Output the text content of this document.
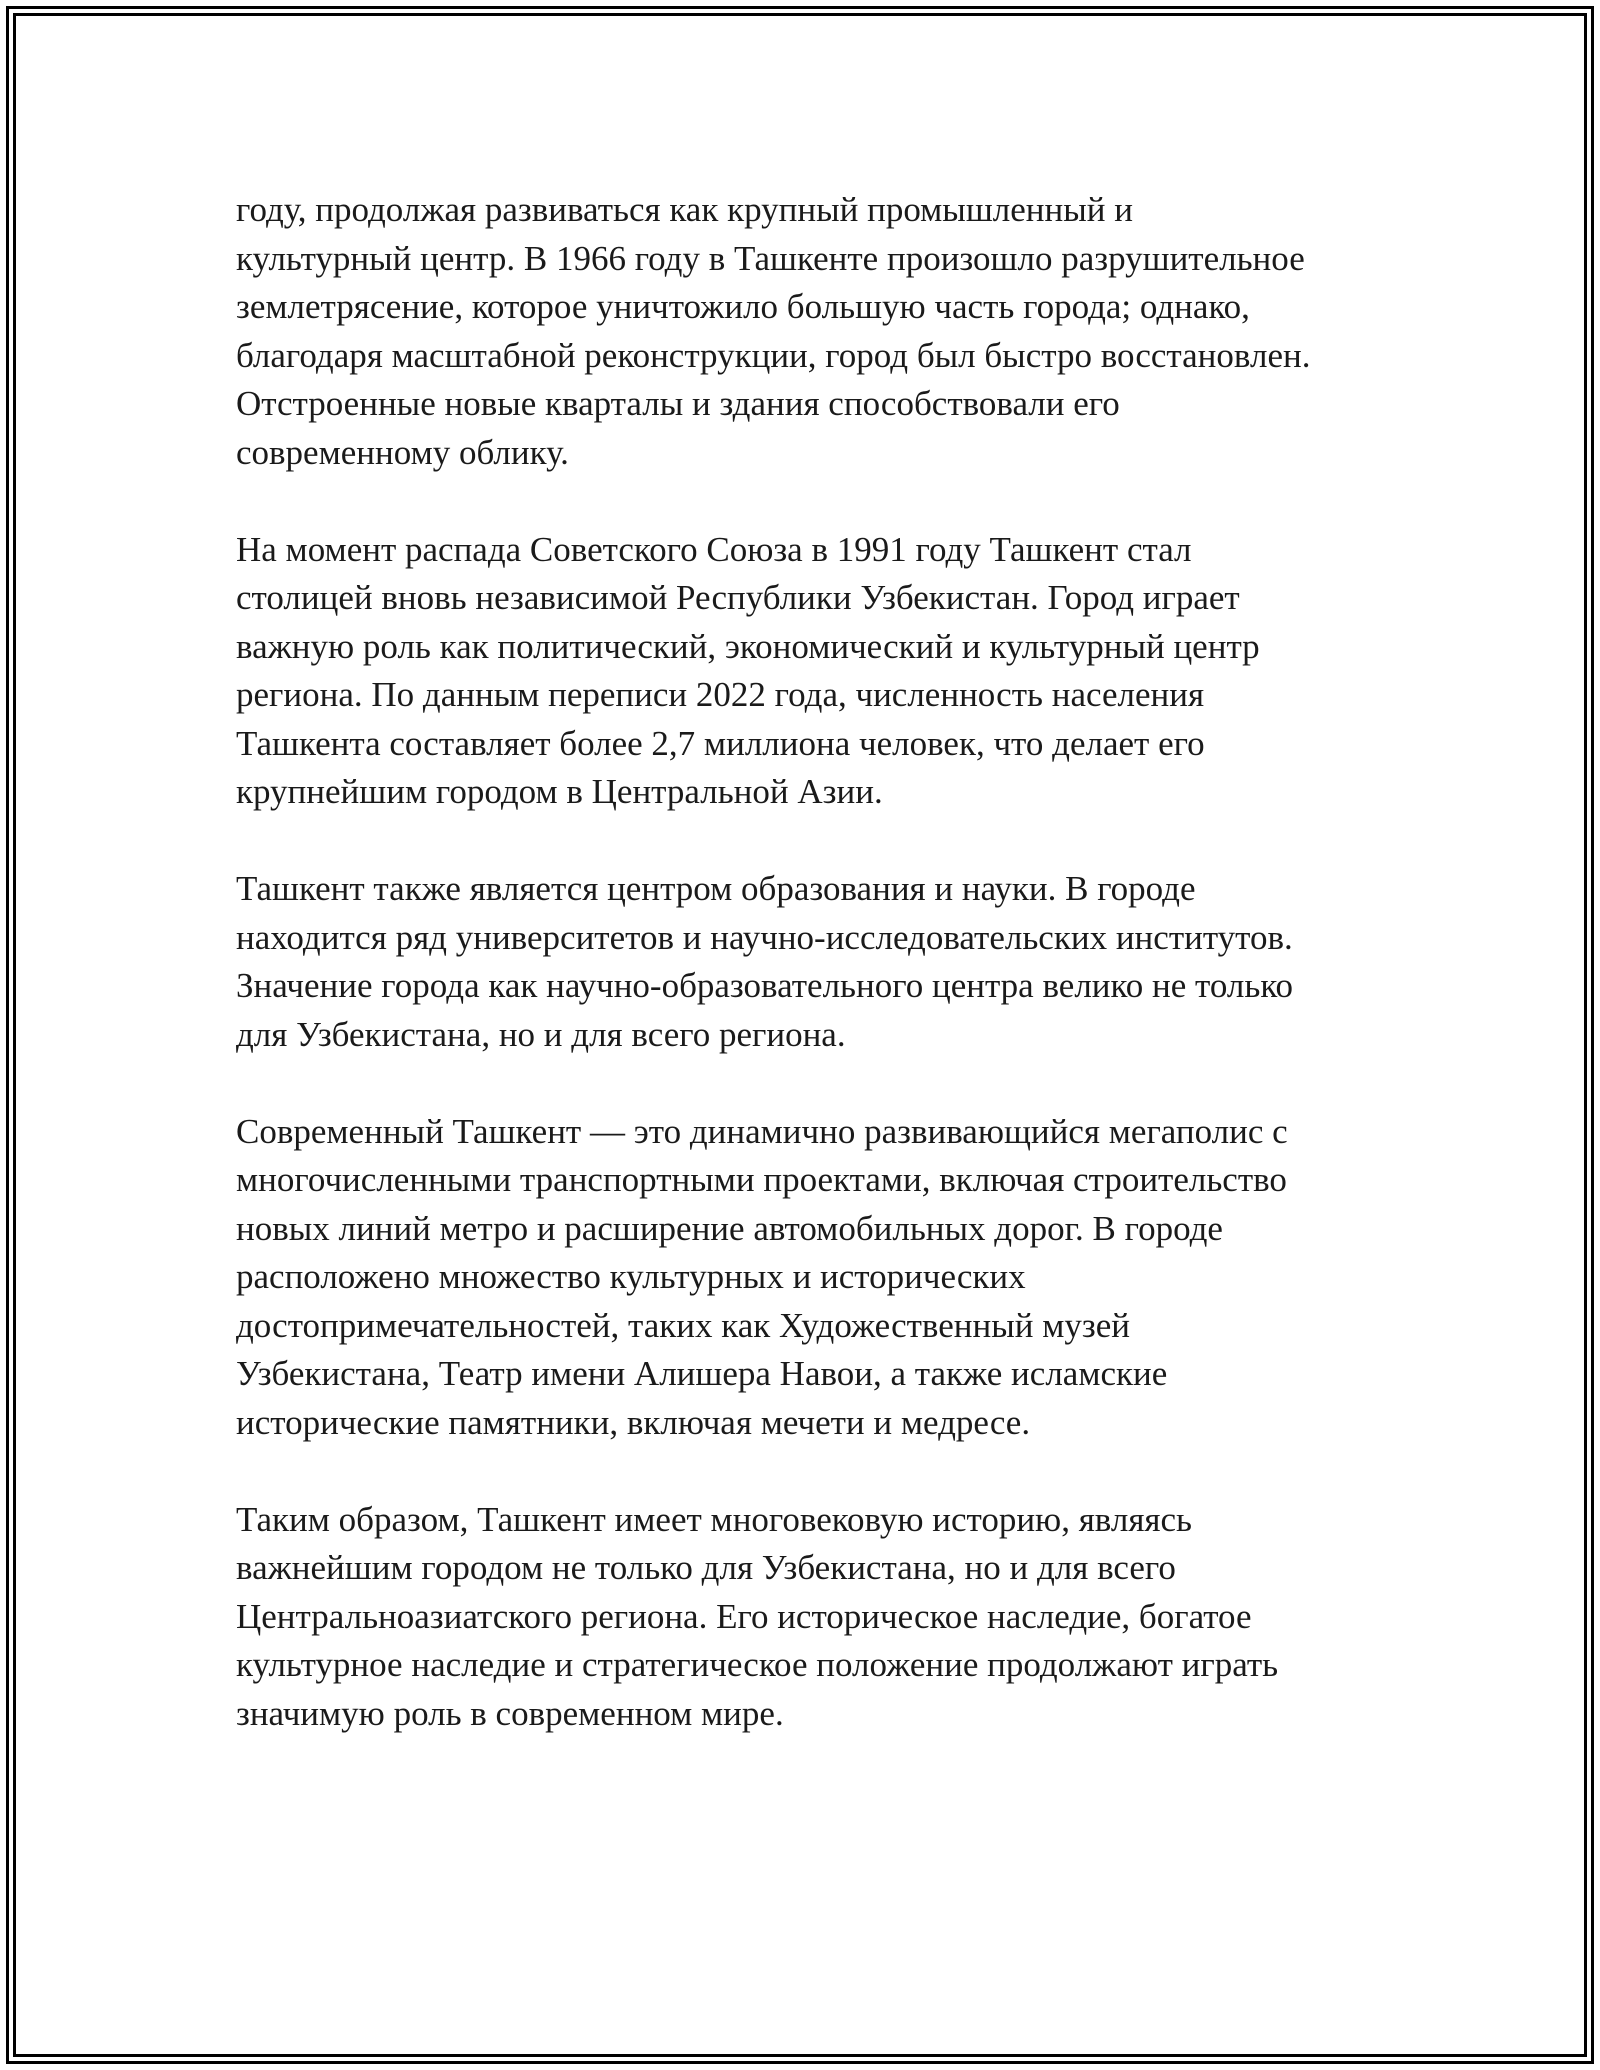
году, продолжая развиваться как крупный промышленный и
культурный центр. В 1966 году в Ташкенте произошло разрушительное
землетрясение, которое уничтожило большую часть города; однако,
благодаря масштабной реконструкции, город был быстро восстановлен.
Отстроенные новые кварталы и здания способствовали его
современному облику.

На момент распада Советского Союза в 1991 году Ташкент стал
столицей вновь независимой Республики Узбекистан. Город играет
важную роль как политический, экономический и культурный центр
региона. По данным переписи 2022 года, численность населения
Ташкента составляет более 2,7 миллиона человек, что делает его
крупнейшим городом в Центральной Азии.

Ташкент также является центром образования и науки. В городе
находится ряд университетов и научно-исследовательских институтов.
Значение города как научно-образовательного центра велико не только
для Узбекистана, но и для всего региона.

Современный Ташкент — это динамично развивающийся мегаполис с
многочисленными транспортными проектами, включая строительство
новых линий метро и расширение автомобильных дорог. В городе
расположено множество культурных и исторических
достопримечательностей, таких как Художественный музей
Узбекистана, Театр имени Алишера Навои, а также исламские
исторические памятники, включая мечети и медресе.

Таким образом, Ташкент имеет многовековую историю, являясь
важнейшим городом не только для Узбекистана, но и для всего
Центральноазиатского региона. Его историческое наследие, богатое
культурное наследие и стратегическое положение продолжают играть
значимую роль в современном мире.
